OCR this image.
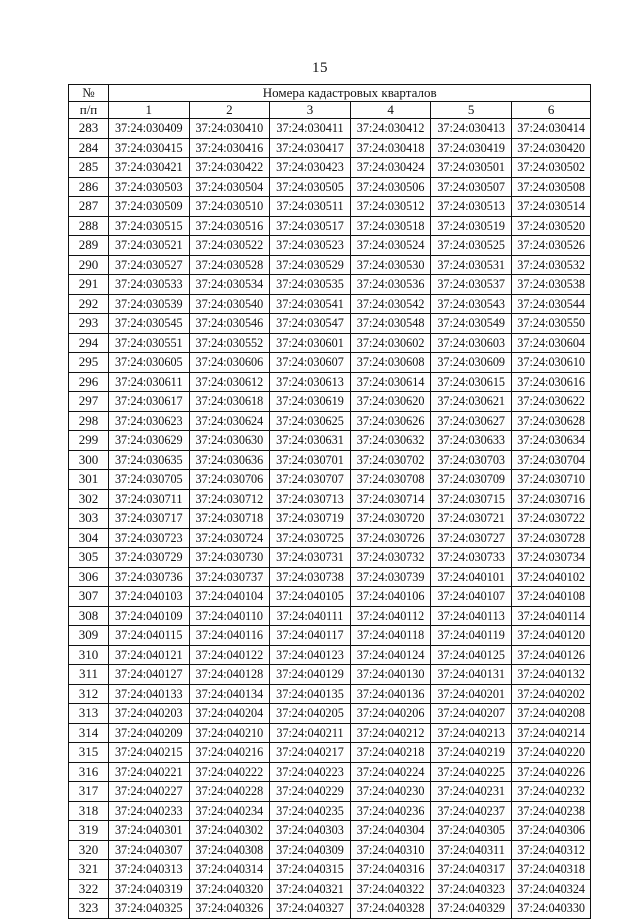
15
№	Номера кадастровых кварталов					
п/п	1	2	3	4	5	6
283	37:24:030409	37:24:030410	37:24:030411	37:24:030412	37:24:030413	37:24:030414
284	37:24:030415	37:24:030416	37:24:030417	37:24:030418	37:24:030419	37:24:030420
285	37:24:030421	37:24:030422	37:24:030423	37:24:030424	37:24:030501	37:24:030502
286	37:24:030503	37:24:030504	37:24:030505	37:24:030506	37:24:030507	37:24:030508
287	37:24:030509	37:24:030510	37:24:030511	37:24:030512	37:24:030513	37:24:030514
288	37:24:030515	37:24:030516	37:24:030517	37:24:030518	37:24:030519	37:24:030520
289	37:24:030521	37:24:030522	37:24:030523	37:24:030524	37:24:030525	37:24:030526
290	37:24:030527	37:24:030528	37:24:030529	37:24:030530	37:24:030531	37:24:030532
291	37:24:030533	37:24:030534	37:24:030535	37:24:030536	37:24:030537	37:24:030538
292	37:24:030539	37:24:030540	37:24:030541	37:24:030542	37:24:030543	37:24:030544
293	37:24:030545	37:24:030546	37:24:030547	37:24:030548	37:24:030549	37:24:030550
294	37:24:030551	37:24:030552	37:24:030601	37:24:030602	37:24:030603	37:24:030604
295	37:24:030605	37:24:030606	37:24:030607	37:24:030608	37:24:030609	37:24:030610
296	37:24:030611	37:24:030612	37:24:030613	37:24:030614	37:24:030615	37:24:030616
297	37:24:030617	37:24:030618	37:24:030619	37:24:030620	37:24:030621	37:24:030622
298	37:24:030623	37:24:030624	37:24:030625	37:24:030626	37:24:030627	37:24:030628
299	37:24:030629	37:24:030630	37:24:030631	37:24:030632	37:24:030633	37:24:030634
300	37:24:030635	37:24:030636	37:24:030701	37:24:030702	37:24:030703	37:24:030704
301	37:24:030705	37:24:030706	37:24:030707	37:24:030708	37:24:030709	37:24:030710
302	37:24:030711	37:24:030712	37:24:030713	37:24:030714	37:24:030715	37:24:030716
303	37:24:030717	37:24:030718	37:24:030719	37:24:030720	37:24:030721	37:24:030722
304	37:24:030723	37:24:030724	37:24:030725	37:24:030726	37:24:030727	37:24:030728
305	37:24:030729	37:24:030730	37:24:030731	37:24:030732	37:24:030733	37:24:030734
306	37:24:030736	37:24:030737	37:24:030738	37:24:030739	37:24:040101	37:24:040102
307	37:24:040103	37:24:040104	37:24:040105	37:24:040106	37:24:040107	37:24:040108
308	37:24:040109	37:24:040110	37:24:040111	37:24:040112	37:24:040113	37:24:040114
309	37:24:040115	37:24:040116	37:24:040117	37:24:040118	37:24:040119	37:24:040120
310	37:24:040121	37:24:040122	37:24:040123	37:24:040124	37:24:040125	37:24:040126
311	37:24:040127	37:24:040128	37:24:040129	37:24:040130	37:24:040131	37:24:040132
312	37:24:040133	37:24:040134	37:24:040135	37:24:040136	37:24:040201	37:24:040202
313	37:24:040203	37:24:040204	37:24:040205	37:24:040206	37:24:040207	37:24:040208
314	37:24:040209	37:24:040210	37:24:040211	37:24:040212	37:24:040213	37:24:040214
315	37:24:040215	37:24:040216	37:24:040217	37:24:040218	37:24:040219	37:24:040220
316	37:24:040221	37:24:040222	37:24:040223	37:24:040224	37:24:040225	37:24:040226
317	37:24:040227	37:24:040228	37:24:040229	37:24:040230	37:24:040231	37:24:040232
318	37:24:040233	37:24:040234	37:24:040235	37:24:040236	37:24:040237	37:24:040238
319	37:24:040301	37:24:040302	37:24:040303	37:24:040304	37:24:040305	37:24:040306
320	37:24:040307	37:24:040308	37:24:040309	37:24:040310	37:24:040311	37:24:040312
321	37:24:040313	37:24:040314	37:24:040315	37:24:040316	37:24:040317	37:24:040318
322	37:24:040319	37:24:040320	37:24:040321	37:24:040322	37:24:040323	37:24:040324
323	37:24:040325	37:24:040326	37:24:040327	37:24:040328	37:24:040329	37:24:040330
